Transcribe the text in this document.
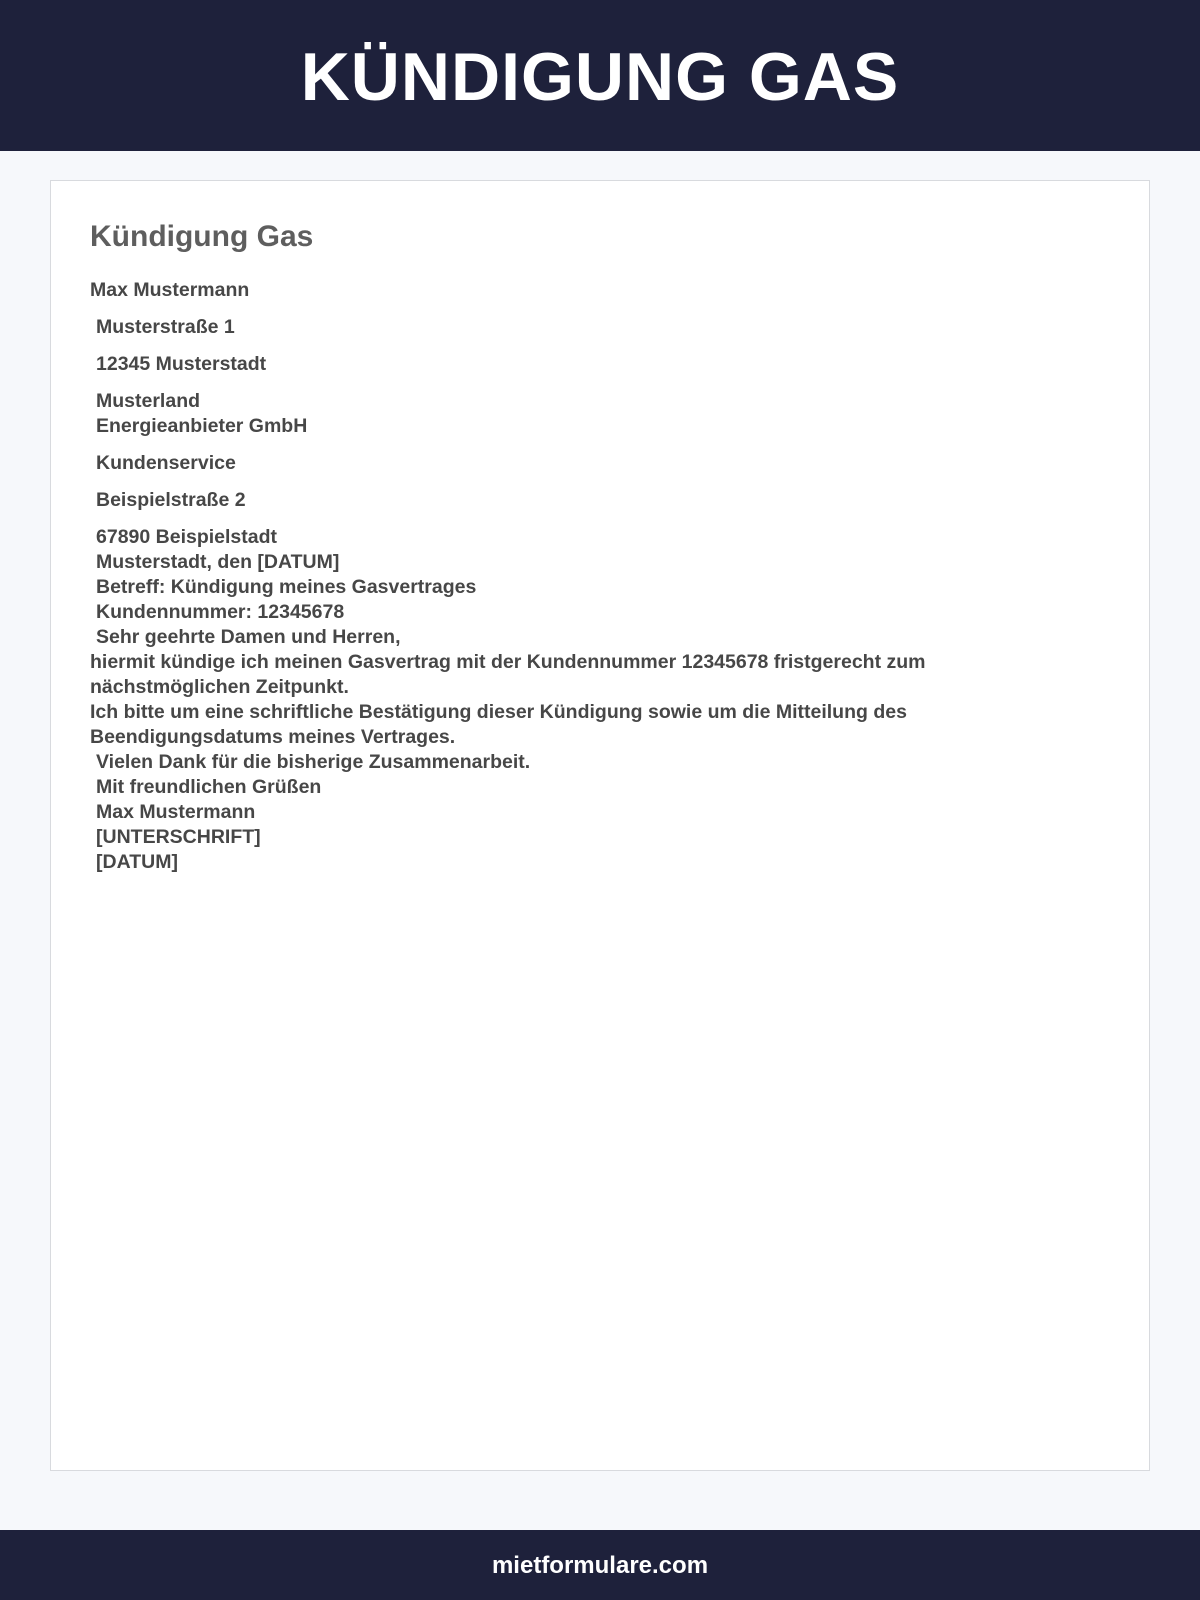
KÜNDIGUNG GAS
Kündigung Gas

Max Mustermann

Musterstraße 1

12345 Musterstadt

Musterland

Energieanbieter GmbH

Kundenservice

Beispielstraße 2

67890 Beispielstadt

Musterstadt, den [DATUM]

Betreff: Kündigung meines Gasvertrages

Kundennummer: 12345678

Sehr geehrte Damen und Herren,

hiermit kündige ich meinen Gasvertrag mit der Kundennummer 12345678 fristgerecht zum nächstmöglichen Zeitpunkt.

Ich bitte um eine schriftliche Bestätigung dieser Kündigung sowie um die Mitteilung des Beendigungsdatums meines Vertrages.

Vielen Dank für die bisherige Zusammenarbeit.

Mit freundlichen Grüßen

Max Mustermann

[UNTERSCHRIFT]

[DATUM]

mietformulare.com
